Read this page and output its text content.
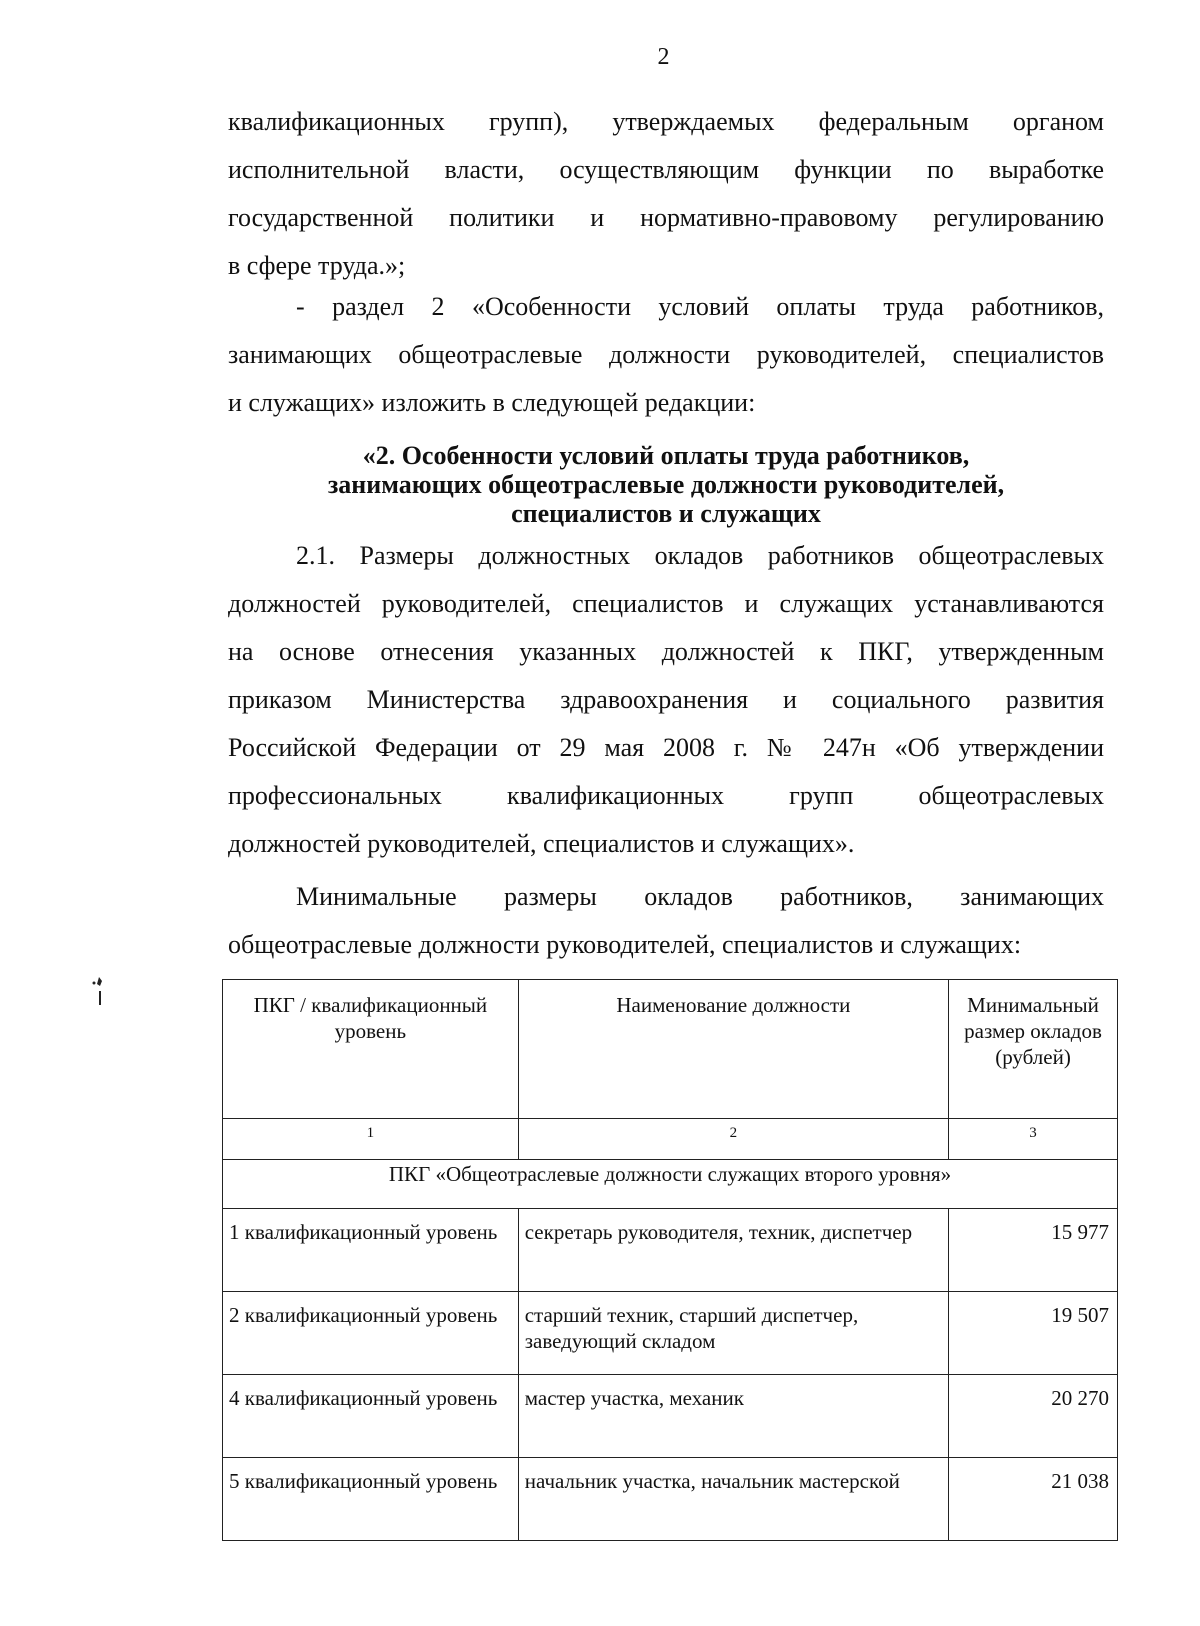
2
квалификационных групп), утверждаемых федеральным органом
исполнительной власти, осуществляющим функции по выработке
государственной политики и нормативно-правовому регулированию
в сфере труда.»;
- раздел 2 «Особенности условий оплаты труда работников,
занимающих общеотраслевые должности руководителей, специалистов
и служащих» изложить в следующей редакции:
«2. Особенности условий оплаты труда работников,
занимающих общеотраслевые должности руководителей,
специалистов и служащих
2.1. Размеры должностных окладов работников общеотраслевых
должностей руководителей, специалистов и служащих устанавливаются
на основе отнесения указанных должностей к ПКГ, утвержденным
приказом Министерства здравоохранения и социального развития
Российской Федерации от 29 мая 2008 г. № 247н «Об утверждении
профессиональных квалификационных групп общеотраслевых
должностей руководителей, специалистов и служащих».
Минимальные размеры окладов работников, занимающих
общеотраслевые должности руководителей, специалистов и служащих:
ПКГ / квалификационный уровень	Наименование должности	Минимальный размер окладов (рублей)
1	2	3
ПКГ «Общеотраслевые должности служащих второго уровня»		
1 квалификационный уровень	секретарь руководителя, техник, диспетчер	15 977
2 квалификационный уровень	старший техник, старший диспетчер, заведующий складом	19 507
4 квалификационный уровень	мастер участка, механик	20 270
5 квалификационный уровень	начальник участка, начальник мастерской	21 038
